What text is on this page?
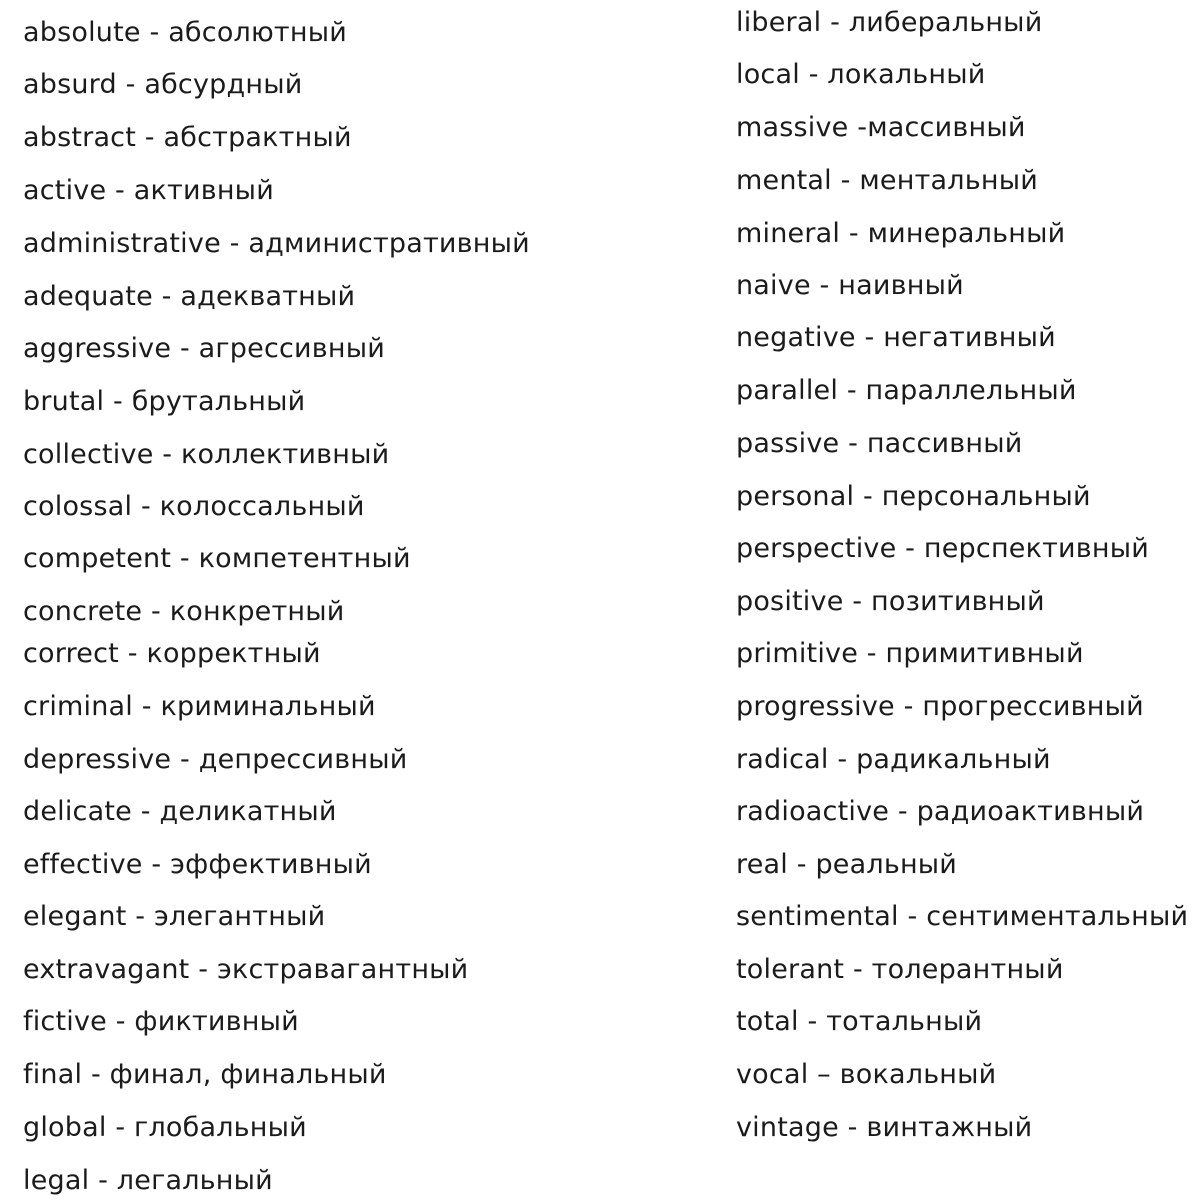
absolute - абсолютный
absurd - абсурдный
abstract - абстрактный
active - активный
administrative - административный
adequate - адекватный
aggressive - агрессивный
brutal - брутальный
collective - коллективный
colossal - колоссальный
competent - компетентный
concrete - конкретный
correct - корректный
criminal - криминальный
depressive - депрессивный
delicate - деликатный
effective - эффективный
elegant - элегантный
extravagant - экстравагантный
fictive - фиктивный
final - финал, финальный
global - глобальный
legal - легальный
liberal - либеральный
local - локальный
massive -массивный
mental - ментальный
mineral - минеральный
naive - наивный
negative - негативный
parallel - параллельный
passive - пассивный
personal - персональный
perspective - перспективный
positive - позитивный
primitive - примитивный
progressive - прогрессивный
radical - радикальный
radioactive - радиоактивный
real - реальный
sentimental - сентиментальный
tolerant - толерантный
total - тотальный
vocal – вокальный
vintage - винтажный
